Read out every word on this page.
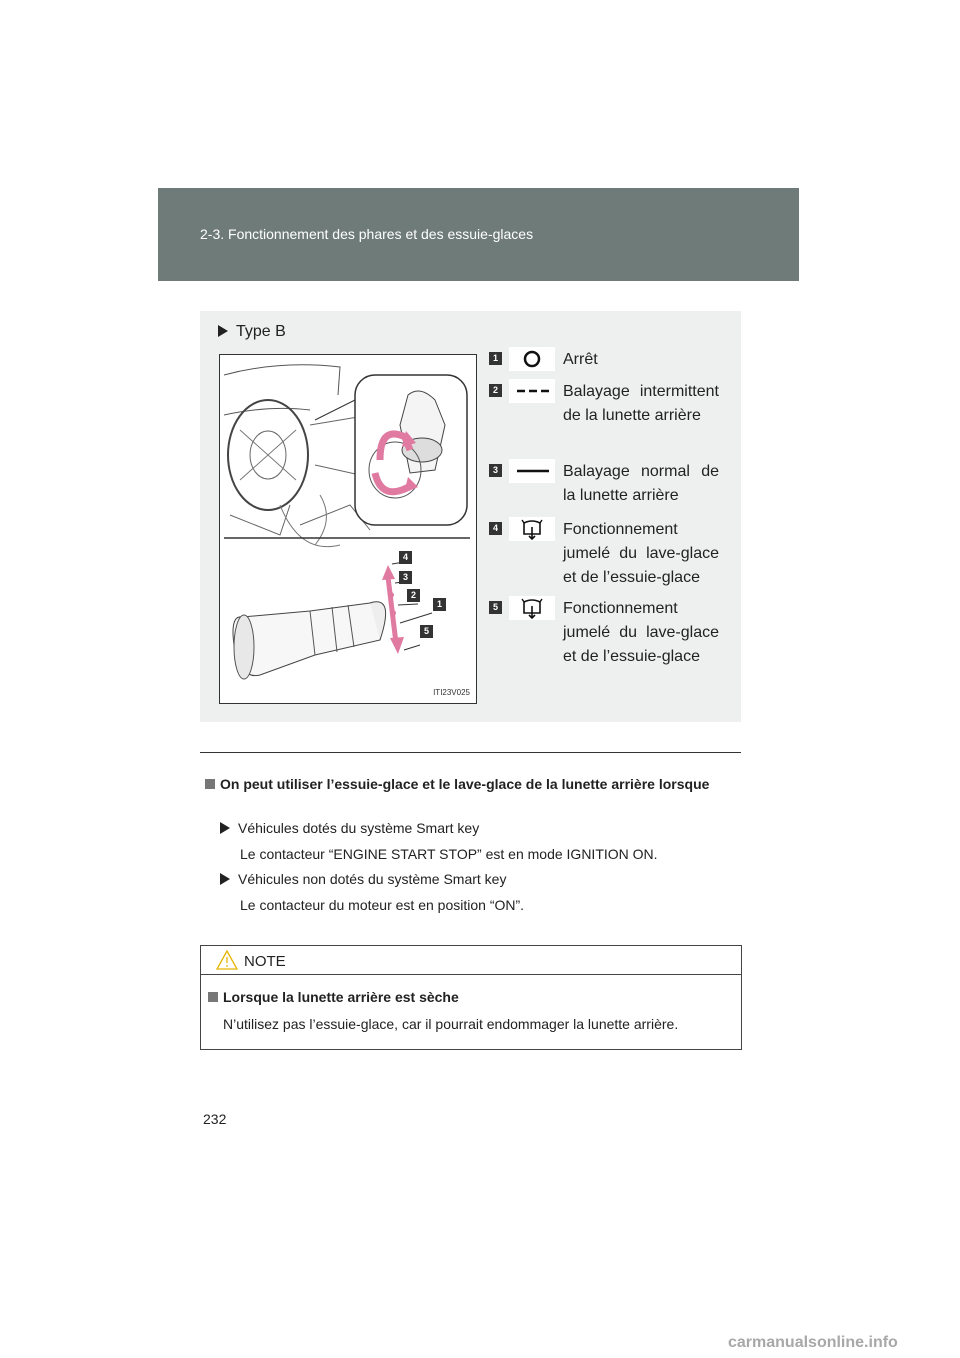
2-3. Fonctionnement des phares et des essuie-glaces
Type B
4
3
2
1
5
ITI23V025
1	Arrêt
2	Balayage intermittent de la lunette arrière
3	Balayage normal de la lunette arrière
4	Fonctionnement jumelé du lave-glace et de l’essuie-glace
5	Fonctionnement jumelé du lave-glace et de l’essuie-glace
On peut utiliser l’essuie-glace et le lave-glace de la lunette arrière lorsque
Véhicules dotés du système Smart key
Le contacteur “ENGINE START STOP” est en mode IGNITION ON.
Véhicules non dotés du système Smart key
Le contacteur du moteur est en position “ON”.
NOTE
Lorsque la lunette arrière est sèche
N’utilisez pas l’essuie-glace, car il pourrait endommager la lunette arrière.
232
carmanualsonline.info
